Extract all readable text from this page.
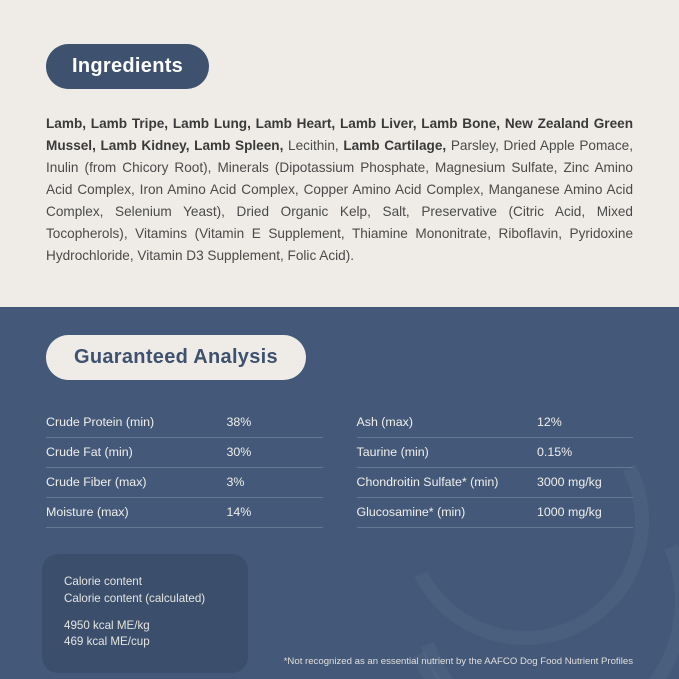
Ingredients

Lamb, Lamb Tripe, Lamb Lung, Lamb Heart, Lamb Liver, Lamb Bone, New Zealand Green Mussel, Lamb Kidney, Lamb Spleen, Lecithin, Lamb Cartilage, Parsley, Dried Apple Pomace, Inulin (from Chicory Root), Minerals (Dipotassium Phosphate, Magnesium Sulfate, Zinc Amino Acid Complex, Iron Amino Acid Complex, Copper Amino Acid Complex, Manganese Amino Acid Complex, Selenium Yeast), Dried Organic Kelp, Salt, Preservative (Citric Acid, Mixed Tocopherols), Vitamins (Vitamin E Supplement, Thiamine Mononitrate, Riboflavin, Pyridoxine Hydrochloride, Vitamin D3 Supplement, Folic Acid).

Guaranteed Analysis
Crude Protein (min)	38%
Crude Fat (min)	30%
Crude Fiber (max)	3%
Moisture (max)	14%
Ash (max)	12%
Taurine (min)	0.15%
Chondroitin Sulfate* (min)	3000 mg/kg
Glucosamine* (min)	1000 mg/kg
Calorie content
Calorie content (calculated)
4950 kcal ME/kg
469 kcal ME/cup
*Not recognized as an essential nutrient by the AAFCO Dog Food Nutrient Profiles
